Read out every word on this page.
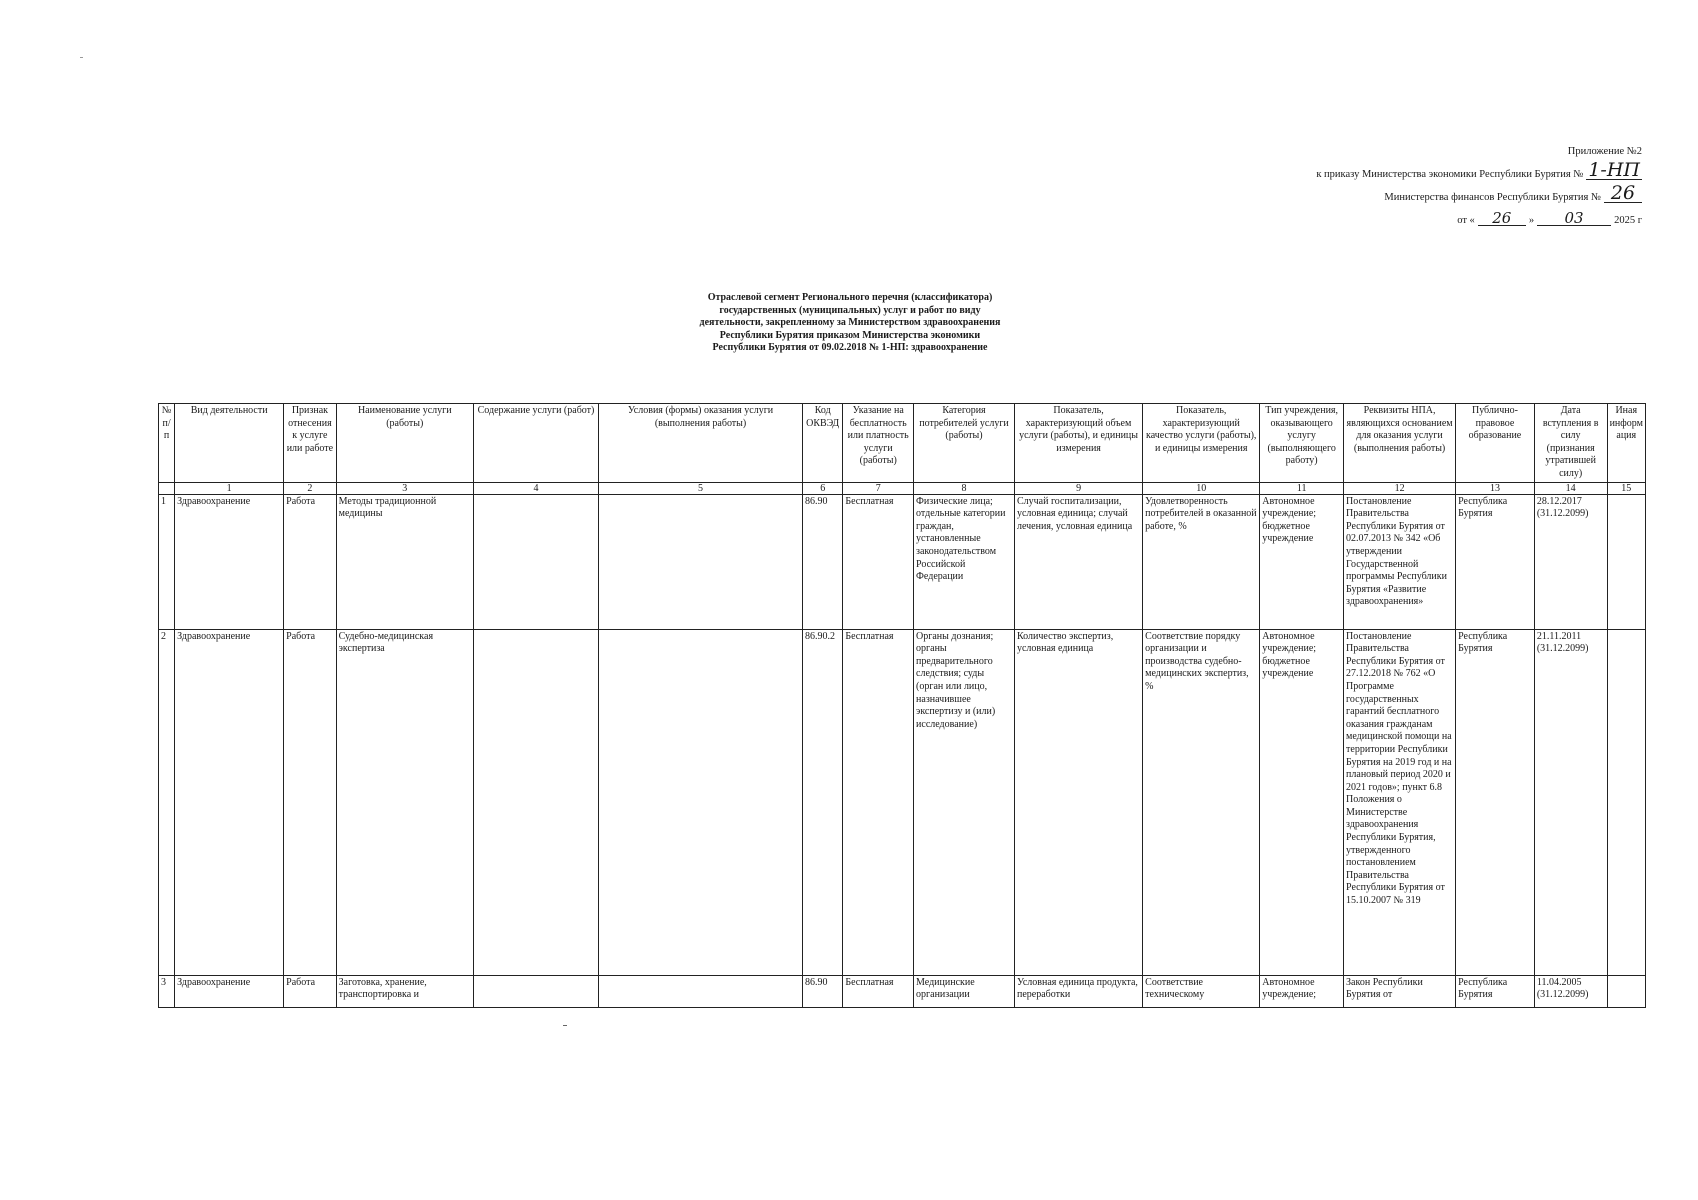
Приложение №2
к приказу Министерства экономики Республики Бурятия № 1-НП
Министерства финансов Республики Бурятия № 26
от «	26	»	03	2025 г
Отраслевой сегмент Регионального перечня (классификатора)
государственных (муниципальных) услуг и работ по виду
деятельности, закрепленному за Министерством здравоохранения
Республики Бурятия приказом Министерства экономики
Республики Бурятия от 09.02.2018 № 1-НП: здравоохранение
№ п/п	Вид деятельности	Признак отнесения к услуге или работе	Наименование услуги (работы)	Содержание услуги (работ)	Условия (формы) оказания услуги (выполнения работы)	Код ОКВЭД	Указание на бесплатность или платность услуги (работы)	Категория потребителей услуги (работы)	Показатель, характеризующий объем услуги (работы), и единицы измерения	Показатель, характеризующий качество услуги (работы), и единицы измерения	Тип учреждения, оказывающего услугу (выполняющего работу)	Реквизиты НПА, являющихся основанием для оказания услуги (выполнения работы)	Публично-правовое образование	Дата вступления в силу (признания утратившей силу)	Иная информация
	1	2	3	4	5	6	7	8	9	10	11	12	13	14	15
1	Здравоохранение	Работа	Методы традиционной медицины			86.90	Бесплатная	Физические лица; отдельные категории граждан, установленные законодательством Российской Федерации	Случай госпитализации, условная единица; случай лечения, условная единица	Удовлетворенность потребителей в оказанной работе, %	Автономное учреждение; бюджетное учреждение	Постановление Правительства Республики Бурятия от 02.07.2013 № 342 «Об утверждении Государственной программы Республики Бурятия «Развитие здравоохранения»	Республика Бурятия	28.12.2017 (31.12.2099)	
2	Здравоохранение	Работа	Судебно-медицинская экспертиза			86.90.2	Бесплатная	Органы дознания; органы предварительного следствия; суды (орган или лицо, назначившее экспертизу и (или) исследование)	Количество экспертиз, условная единица	Соответствие порядку организации и производства судебно-медицинских экспертиз, %	Автономное учреждение; бюджетное учреждение	Постановление Правительства Республики Бурятия от 27.12.2018 № 762 «О Программе государственных гарантий бесплатного оказания гражданам медицинской помощи на территории Республики Бурятия на 2019 год и на плановый период 2020 и 2021 годов»; пункт 6.8 Положения о Министерстве здравоохранения Республики Бурятия, утвержденного постановлением Правительства Республики Бурятия от 15.10.2007 № 319	Республика Бурятия	21.11.2011 (31.12.2099)	
3	Здравоохранение	Работа	Заготовка, хранение, транспортировка и			86.90	Бесплатная	Медицинские организации	Условная единица продукта, переработки	Соответствие техническому	Автономное учреждение;	Закон Республики Бурятия от	Республика Бурятия	11.04.2005 (31.12.2099)	
